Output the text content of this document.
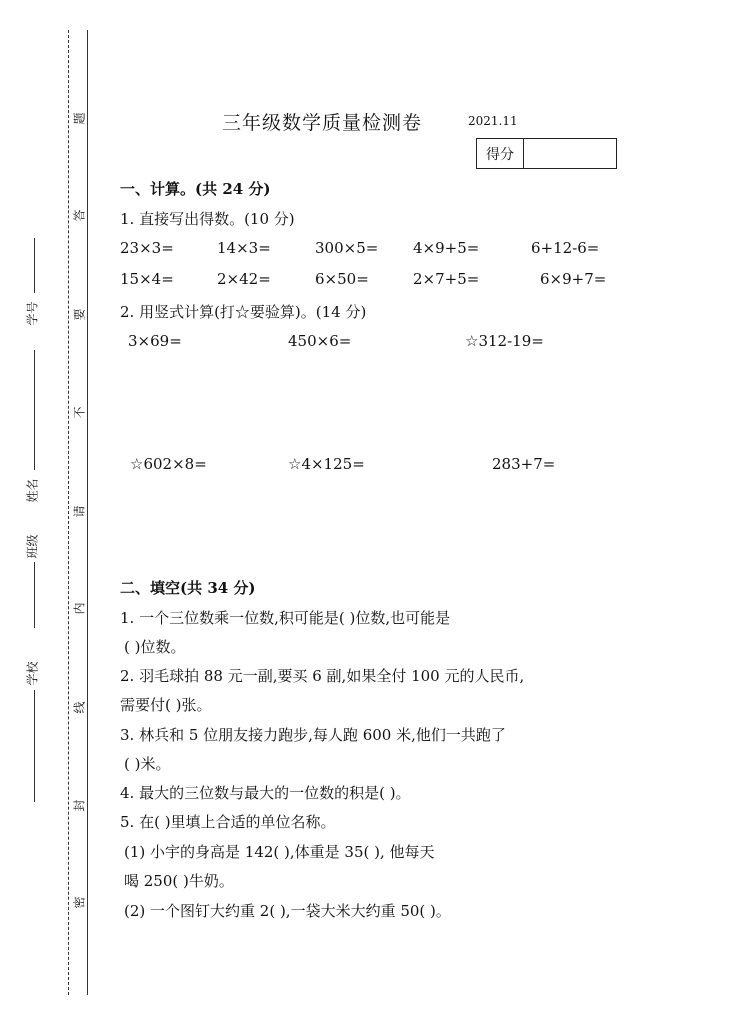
题
答
要
不
请
内
线
封
密
学号
姓名
班级
学校
三年级数学质量检测卷	2021.11
得分
一、计算。(共 24 分)
1. 直接写出得数。(10 分)
23×3=	14×3=	300×5= 4×9+5=	6+12-6=
15×4=	2×42=	6×50=	2×7+5=	6×9+7=
2. 用竖式计算(打☆要验算)。(14 分)
3×69=	450×6=	☆312-19=
☆602×8=	☆4×125=	283+7=
二、填空(共 34 分)
1. 一个三位数乘一位数,积可能是( )位数,也可能是
( )位数。
2. 羽毛球拍 88 元一副,要买 6 副,如果全付 100 元的人民币,
需要付( )张。
3. 林兵和 5 位朋友接力跑步,每人跑 600 米,他们一共跑了
( )米。
4. 最大的三位数与最大的一位数的积是( )。
5. 在( )里填上合适的单位名称。
(1) 小宇的身高是 142( ),体重是 35( ), 他每天
喝 250( )牛奶。
(2) 一个图钉大约重 2( ),一袋大米大约重 50( )。
